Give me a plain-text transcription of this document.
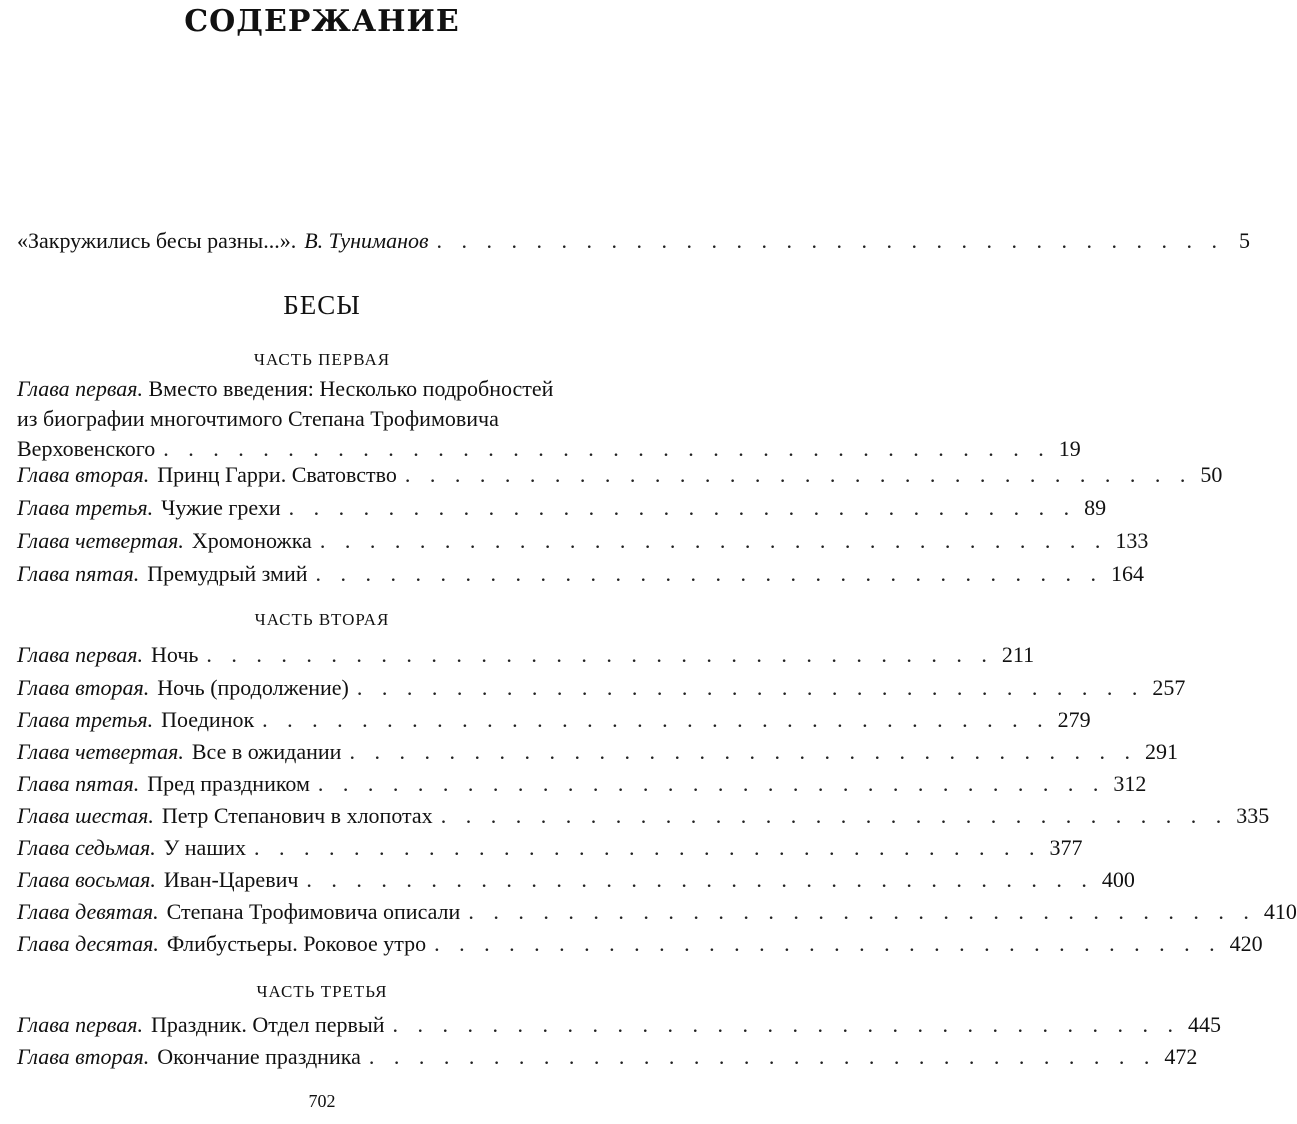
СОДЕРЖАНИЕ
«Закружились бесы разны...». В. Туниманов . . . . . . . . . . . . . . . . . . . . . . . . . . . . . . . . 5
БЕСЫ
ЧАСТЬ ПЕРВАЯ
Глава первая. Вместо введения: Несколько подробностей
из биографии многочтимого Степана Трофимовича
Верховенского . . . . . . . . . . . . . . . . . . . . . . . . . . . . . . . . . . . . 19
Глава вторая. Принц Гарри. Сватовство . . . . . . . . . . . . . . . . . . . . . . . . . . . . . . . . 50
Глава третья. Чужие грехи . . . . . . . . . . . . . . . . . . . . . . . . . . . . . . . . 89
Глава четвертая. Хромоножка . . . . . . . . . . . . . . . . . . . . . . . . . . . . . . . . 133
Глава пятая. Премудрый змий . . . . . . . . . . . . . . . . . . . . . . . . . . . . . . . . 164
ЧАСТЬ ВТОРАЯ
Глава первая. Ночь . . . . . . . . . . . . . . . . . . . . . . . . . . . . . . . . 211
Глава вторая. Ночь (продолжение) . . . . . . . . . . . . . . . . . . . . . . . . . . . . . . . . 257
Глава третья. Поединок . . . . . . . . . . . . . . . . . . . . . . . . . . . . . . . . 279
Глава четвертая. Все в ожидании . . . . . . . . . . . . . . . . . . . . . . . . . . . . . . . . 291
Глава пятая. Пред праздником . . . . . . . . . . . . . . . . . . . . . . . . . . . . . . . . 312
Глава шестая. Петр Степанович в хлопотах . . . . . . . . . . . . . . . . . . . . . . . . . . . . . . . . 335
Глава седьмая. У наших . . . . . . . . . . . . . . . . . . . . . . . . . . . . . . . . 377
Глава восьмая. Иван-Царевич . . . . . . . . . . . . . . . . . . . . . . . . . . . . . . . . 400
Глава девятая. Степана Трофимовича описали . . . . . . . . . . . . . . . . . . . . . . . . . . . . . . . . 410
Глава десятая. Флибустьеры. Роковое утро . . . . . . . . . . . . . . . . . . . . . . . . . . . . . . . . 420
ЧАСТЬ ТРЕТЬЯ
Глава первая. Праздник. Отдел первый . . . . . . . . . . . . . . . . . . . . . . . . . . . . . . . . 445
Глава вторая. Окончание праздника . . . . . . . . . . . . . . . . . . . . . . . . . . . . . . . . 472
702
